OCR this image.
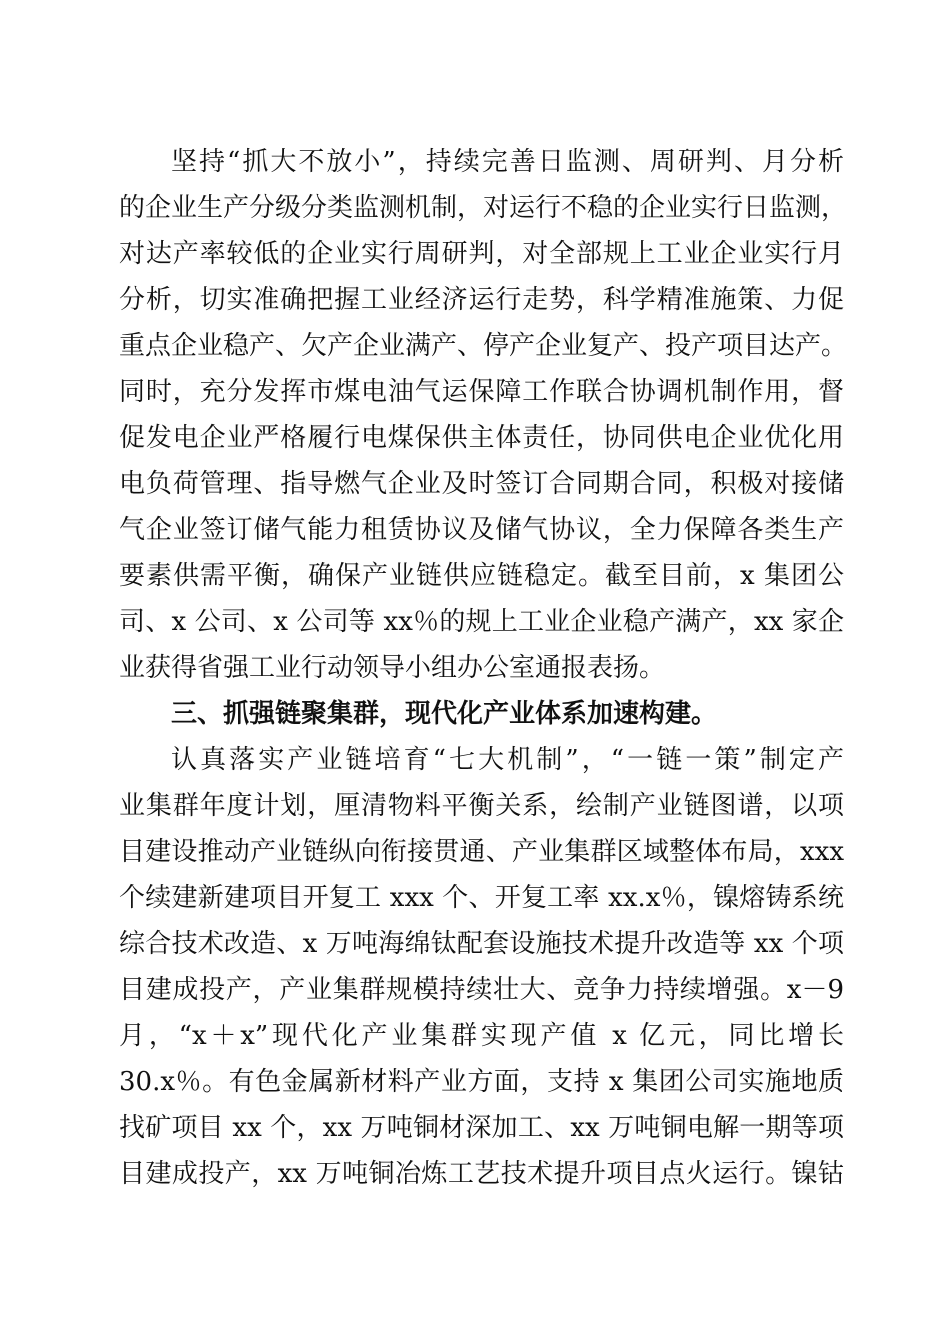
坚持“抓大不放小”，持续完善日监测、周研判、月分析
的企业生产分级分类监测机制，对运行不稳的企业实行日监测，
对达产率较低的企业实行周研判，对全部规上工业企业实行月
分析，切实准确把握工业经济运行走势，科学精准施策、力促
重点企业稳产、欠产企业满产、停产企业复产、投产项目达产。
同时，充分发挥市煤电油气运保障工作联合协调机制作用，督
促发电企业严格履行电煤保供主体责任，协同供电企业优化用
电负荷管理、指导燃气企业及时签订合同期合同，积极对接储
气企业签订储气能力租赁协议及储气协议，全力保障各类生产
要素供需平衡，确保产业链供应链稳定。截至目前，x 集团公
司、x 公司、x 公司等 xx％的规上工业企业稳产满产，xx 家企
业获得省强工业行动领导小组办公室通报表扬。
三、抓强链聚集群，现代化产业体系加速构建。
认真落实产业链培育“七大机制”，“一链一策”制定产
业集群年度计划，厘清物料平衡关系，绘制产业链图谱，以项
目建设推动产业链纵向衔接贯通、产业集群区域整体布局，xxx
个续建新建项目开复工 xxx 个、开复工率 xx.x％，镍熔铸系统
综合技术改造、x 万吨海绵钛配套设施技术提升改造等 xx 个项
目建成投产，产业集群规模持续壮大、竞争力持续增强。x－9
月，“x＋x”现代化产业集群实现产值 x 亿元，同比增长
30.x％。有色金属新材料产业方面，支持 x 集团公司实施地质
找矿项目 xx 个，xx 万吨铜材深加工、xx 万吨铜电解一期等项
目建成投产，xx 万吨铜冶炼工艺技术提升项目点火运行。镍钴
